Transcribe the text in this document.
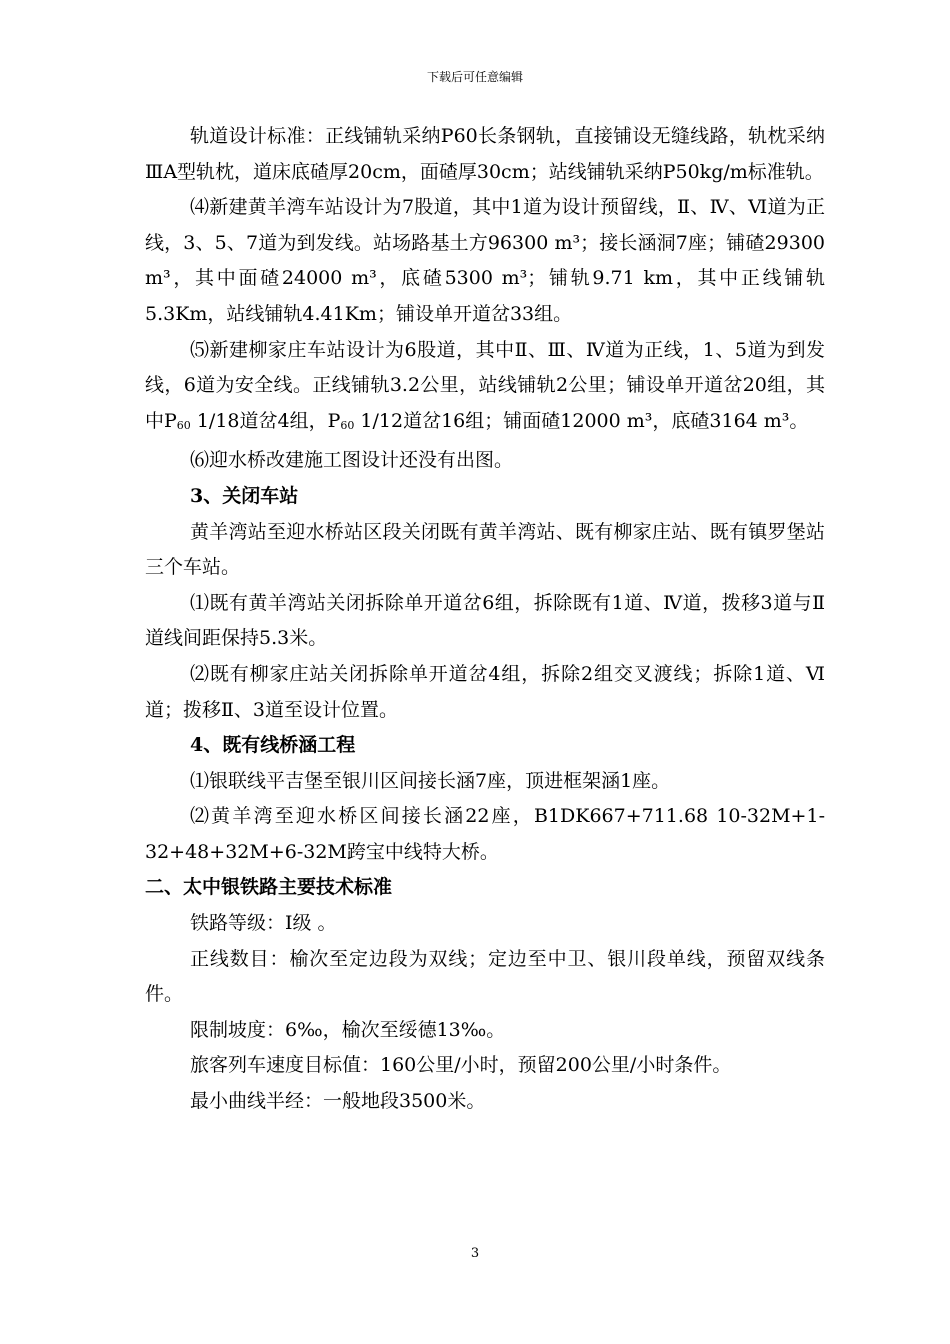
下载后可任意编辑

轨道设计标准：正线铺轨采纳P60长条钢轨，直接铺设无缝线路，轨枕采纳ⅢA型轨枕，道床底碴厚20cm，面碴厚30cm；站线铺轨采纳P50kg/m标准轨。

⑷新建黄羊湾车站设计为7股道，其中1道为设计预留线，Ⅱ、Ⅳ、Ⅵ道为正线，3、5、7道为到发线。站场路基土方96300 m³；接长涵洞7座；铺碴29300 m³，其中面碴24000 m³，底碴5300 m³；铺轨9.71 km，其中正线铺轨5.3Km，站线铺轨4.41Km；铺设单开道岔33组。

⑸新建柳家庄车站设计为6股道，其中Ⅱ、Ⅲ、Ⅳ道为正线，1、5道为到发线，6道为安全线。正线铺轨3.2公里，站线铺轨2公里；铺设单开道岔20组，其中P60 1/18道岔4组，P60 1/12道岔16组；铺面碴12000 m³，底碴3164 m³。

⑹迎水桥改建施工图设计还没有出图。

3、关闭车站

黄羊湾站至迎水桥站区段关闭既有黄羊湾站、既有柳家庄站、既有镇罗堡站三个车站。

⑴既有黄羊湾站关闭拆除单开道岔6组，拆除既有1道、Ⅳ道，拨移3道与Ⅱ道线间距保持5.3米。

⑵既有柳家庄站关闭拆除单开道岔4组，拆除2组交叉渡线；拆除1道、Ⅵ道；拨移Ⅱ、3道至设计位置。

4、既有线桥涵工程

⑴银联线平吉堡至银川区间接长涵7座，顶进框架涵1座。

⑵黄羊湾至迎水桥区间接长涵22座，B1DK667+711.68 10-32M+1-32+48+32M+6-32M跨宝中线特大桥。

二、太中银铁路主要技术标准

铁路等级：Ⅰ级 。

正线数目：榆次至定边段为双线；定边至中卫、银川段单线，预留双线条件。

限制坡度：6‰，榆次至绥德13‰。

旅客列车速度目标值：160公里/小时，预留200公里/小时条件。

最小曲线半经：一般地段3500米。

3
